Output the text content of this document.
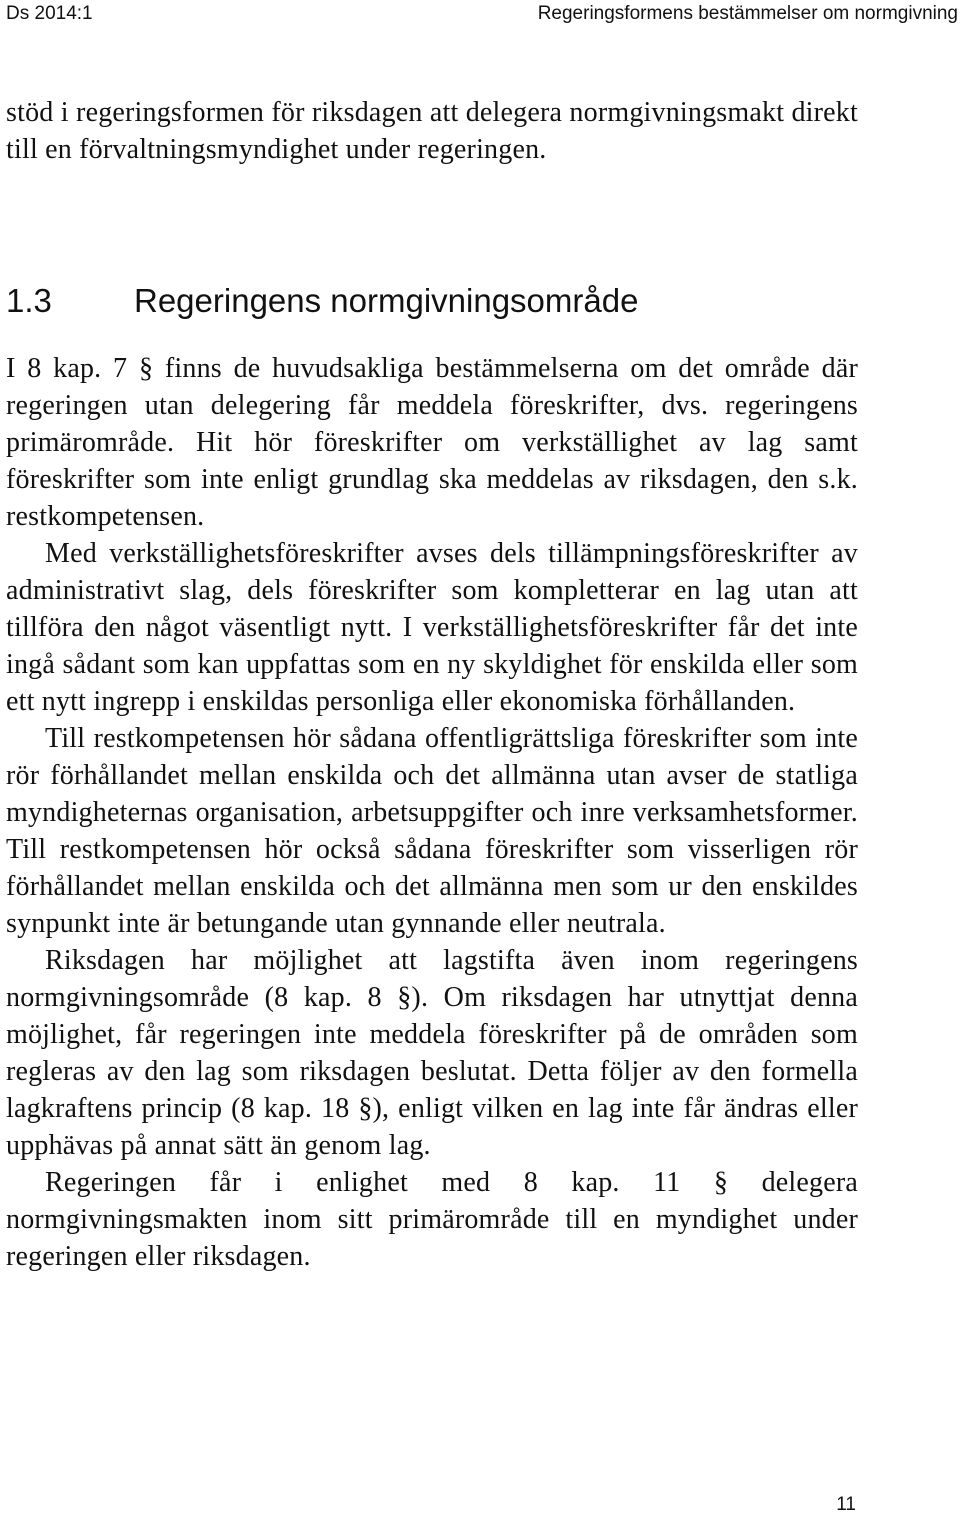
Ds 2014:1	Regeringsformens bestämmelser om normgivning

stöd i regeringsformen för riksdagen att delegera normgivningsmakt direkt till en förvaltningsmyndighet under regeringen.

1.3 Regeringens normgivningsområde

I 8 kap. 7 § finns de huvudsakliga bestämmelserna om det område där regeringen utan delegering får meddela föreskrifter, dvs. regeringens primärområde. Hit hör föreskrifter om verkställighet av lag samt föreskrifter som inte enligt grundlag ska meddelas av riksdagen, den s.k. restkompetensen.

Med verkställighetsföreskrifter avses dels tillämpningsföreskrifter av administrativt slag, dels föreskrifter som kompletterar en lag utan att tillföra den något väsentligt nytt. I verkställighetsföreskrifter får det inte ingå sådant som kan uppfattas som en ny skyldighet för enskilda eller som ett nytt ingrepp i enskildas personliga eller ekonomiska förhållanden.

Till restkompetensen hör sådana offentligrättsliga föreskrifter som inte rör förhållandet mellan enskilda och det allmänna utan avser de statliga myndigheternas organisation, arbetsuppgifter och inre verksamhetsformer. Till restkompetensen hör också sådana föreskrifter som visserligen rör förhållandet mellan enskilda och det allmänna men som ur den enskildes synpunkt inte är betungande utan gynnande eller neutrala.

Riksdagen har möjlighet att lagstifta även inom regeringens normgivningsområde (8 kap. 8 §). Om riksdagen har utnyttjat denna möjlighet, får regeringen inte meddela föreskrifter på de områden som regleras av den lag som riksdagen beslutat. Detta följer av den formella lagkraftens princip (8 kap. 18 §), enligt vilken en lag inte får ändras eller upphävas på annat sätt än genom lag.

Regeringen får i enlighet med 8 kap. 11 § delegera normgivningsmakten inom sitt primärområde till en myndighet under regeringen eller riksdagen.

11
